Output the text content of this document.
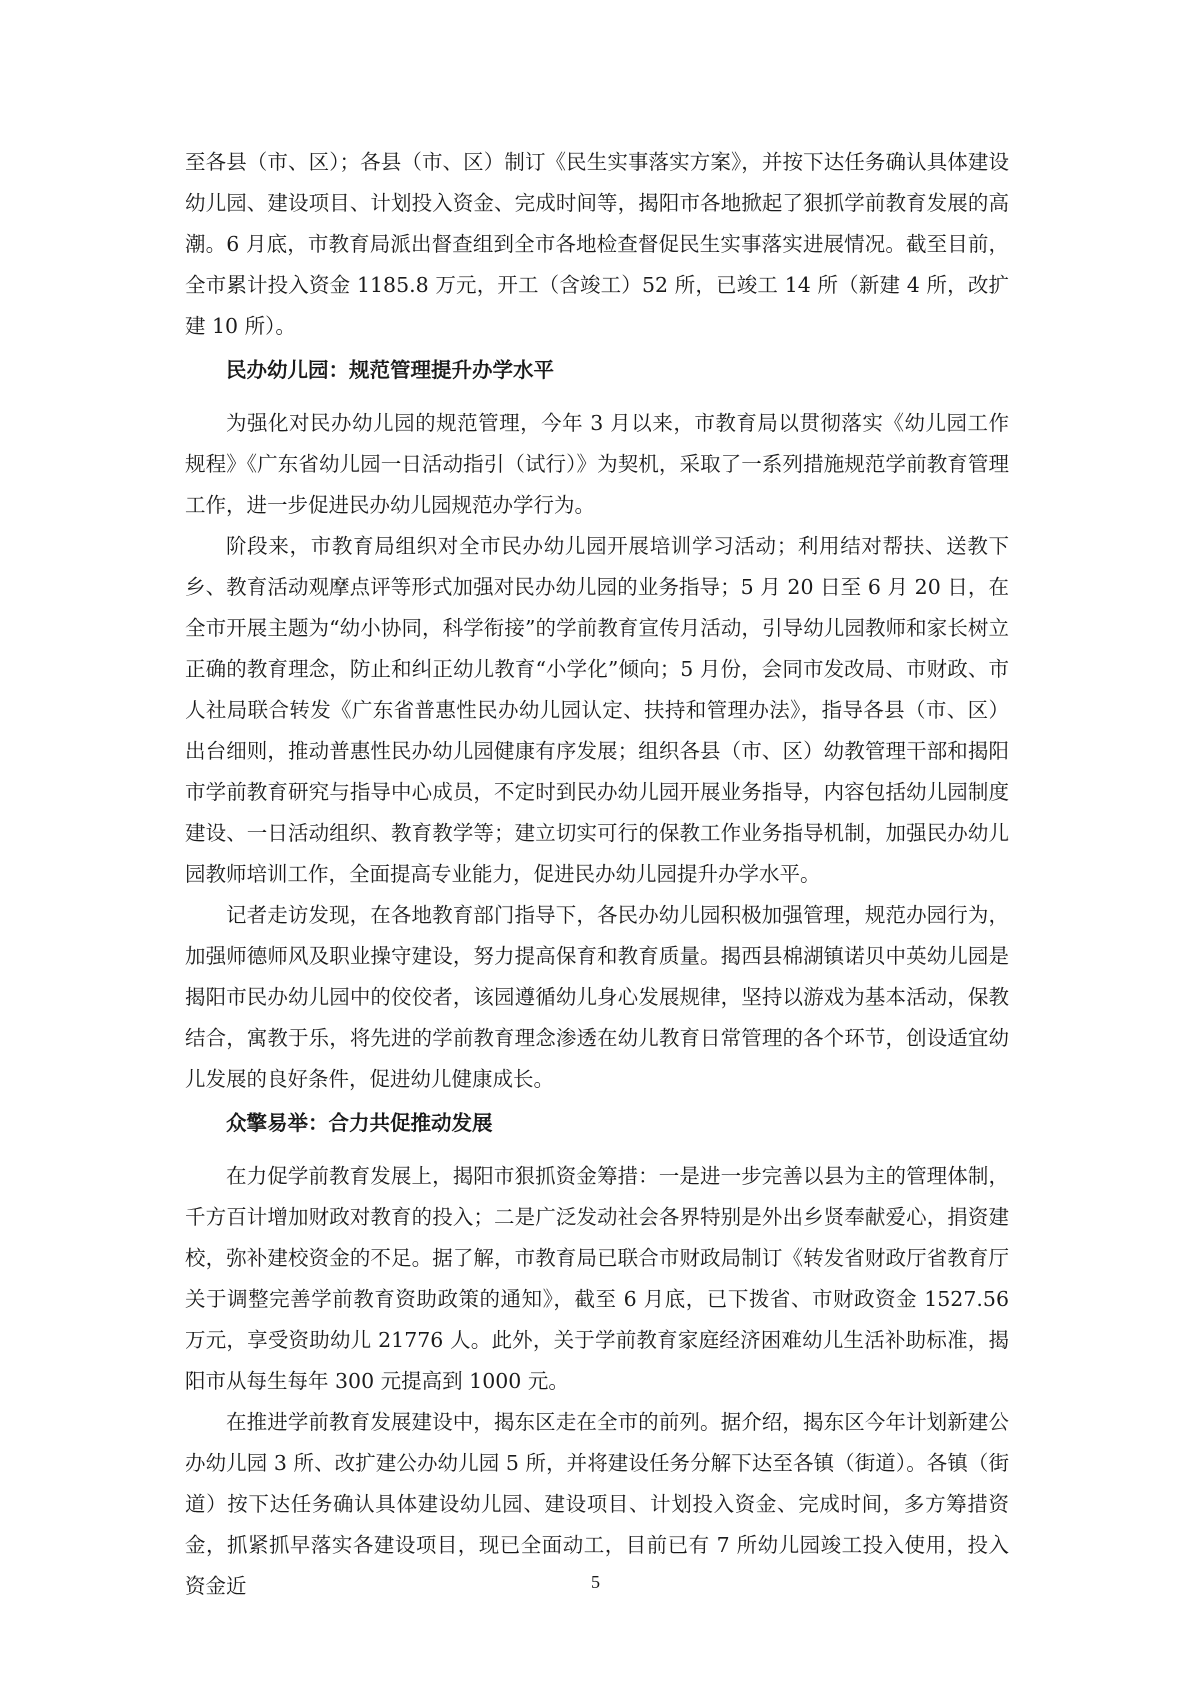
至各县（市、区）；各县（市、区）制订《民生实事落实方案》，并按下达任务确认具体建设幼儿园、建设项目、计划投入资金、完成时间等，揭阳市各地掀起了狠抓学前教育发展的高潮。6 月底，市教育局派出督查组到全市各地检查督促民生实事落实进展情况。截至目前，全市累计投入资金 1185.8 万元，开工（含竣工）52 所，已竣工 14 所（新建 4 所，改扩建 10 所）。

民办幼儿园：规范管理提升办学水平

为强化对民办幼儿园的规范管理，今年 3 月以来，市教育局以贯彻落实《幼儿园工作规程》《广东省幼儿园一日活动指引（试行）》为契机，采取了一系列措施规范学前教育管理工作，进一步促进民办幼儿园规范办学行为。

阶段来，市教育局组织对全市民办幼儿园开展培训学习活动；利用结对帮扶、送教下乡、教育活动观摩点评等形式加强对民办幼儿园的业务指导；5 月 20 日至 6 月 20 日，在全市开展主题为“幼小协同，科学衔接”的学前教育宣传月活动，引导幼儿园教师和家长树立正确的教育理念，防止和纠正幼儿教育“小学化”倾向；5 月份，会同市发改局、市财政、市人社局联合转发《广东省普惠性民办幼儿园认定、扶持和管理办法》，指导各县（市、区）出台细则，推动普惠性民办幼儿园健康有序发展；组织各县（市、区）幼教管理干部和揭阳市学前教育研究与指导中心成员，不定时到民办幼儿园开展业务指导，内容包括幼儿园制度建设、一日活动组织、教育教学等；建立切实可行的保教工作业务指导机制，加强民办幼儿园教师培训工作，全面提高专业能力，促进民办幼儿园提升办学水平。

记者走访发现，在各地教育部门指导下，各民办幼儿园积极加强管理，规范办园行为，加强师德师风及职业操守建设，努力提高保育和教育质量。揭西县棉湖镇诺贝中英幼儿园是揭阳市民办幼儿园中的佼佼者，该园遵循幼儿身心发展规律，坚持以游戏为基本活动，保教结合，寓教于乐，将先进的学前教育理念渗透在幼儿教育日常管理的各个环节，创设适宜幼儿发展的良好条件，促进幼儿健康成长。

众擎易举：合力共促推动发展

在力促学前教育发展上，揭阳市狠抓资金筹措：一是进一步完善以县为主的管理体制，千方百计增加财政对教育的投入；二是广泛发动社会各界特别是外出乡贤奉献爱心，捐资建校，弥补建校资金的不足。据了解，市教育局已联合市财政局制订《转发省财政厅省教育厅关于调整完善学前教育资助政策的通知》，截至 6 月底，已下拨省、市财政资金 1527.56 万元，享受资助幼儿 21776 人。此外，关于学前教育家庭经济困难幼儿生活补助标准，揭阳市从每生每年 300 元提高到 1000 元。

在推进学前教育发展建设中，揭东区走在全市的前列。据介绍，揭东区今年计划新建公办幼儿园 3 所、改扩建公办幼儿园 5 所，并将建设任务分解下达至各镇（街道）。各镇（街道）按下达任务确认具体建设幼儿园、建设项目、计划投入资金、完成时间，多方筹措资金，抓紧抓早落实各建设项目，现已全面动工，目前已有 7 所幼儿园竣工投入使用，投入资金近	5
